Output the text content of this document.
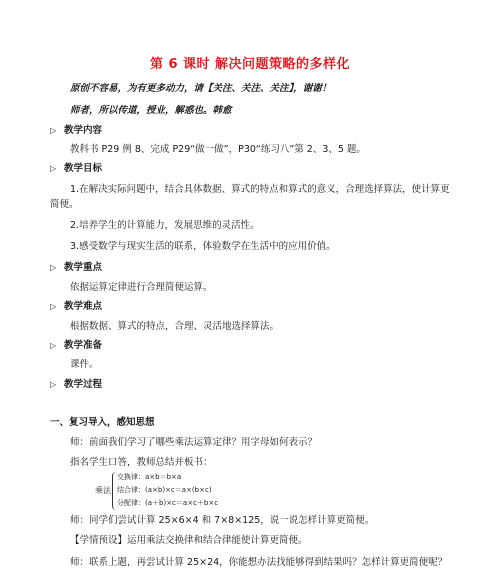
第 6 课时 解决问题策略的多样化
原创不容易，为有更多动力，请【关注、关注、关注】，谢谢！
师者，所以传道，授业，解惑也。韩愈
▷ 教学内容
教科书 P29 例 8、完成 P29“做一做”，P30“练习八”第 2、3、5 题。
▷ 教学目标
1.在解决实际问题中，结合具体数据、算式的特点和算式的意义，合理选择算法，使计算更
简便。
2.培养学生的计算能力，发展思维的灵活性。
3.感受数学与现实生活的联系，体验数学在生活中的应用价值。
▷ 教学重点
依据运算定律进行合理简便运算。
▷ 教学难点
根据数据、算式的特点，合理、灵活地选择算法。
▷ 教学准备
课件。
▷ 教学过程
一、复习导入，感知思想
师：前面我们学习了哪些乘法运算定律？用字母如何表示？
指名学生口答，教师总结并板书：
乘法
交换律：a×b＝b×a
结合律：(a×b)×c＝a×(b×c)
分配律：(a＋b)×c＝a×c＋b×c
师：同学们尝试计算 25×6×4 和 7×8×125，说一说怎样计算更简便。
【学情预设】运用乘法交换律和结合律能使计算更简便。
师：联系上题，再尝试计算 25×24，你能想办法找能够得到结果吗？怎样计算更简便呢？
